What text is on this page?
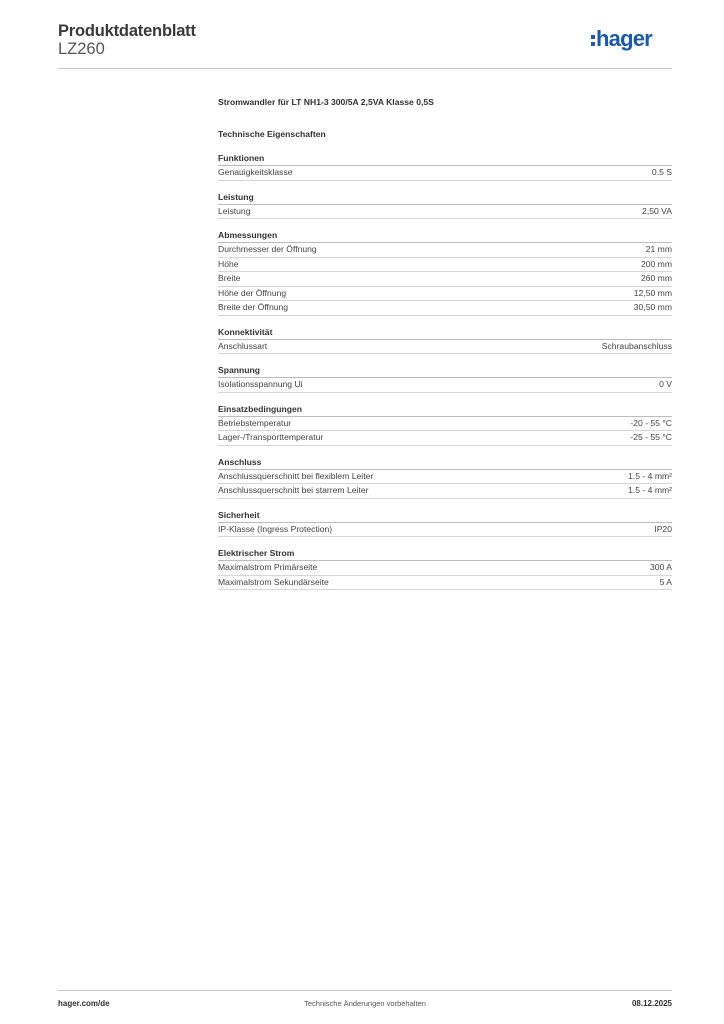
Produktdatenblatt
LZ260	hager
Stromwandler für LT NH1-3 300/5A 2,5VA Klasse 0,5S
Technische Eigenschaften
Funktionen
Genauigkeitsklasse	0.5 S
Leistung
Leistung	2,50 VA
Abmessungen
Durchmesser der Öffnung	21 mm
Höhe	200 mm
Breite	260 mm
Höhe der Öffnung	12,50 mm
Breite der Öffnung	30,50 mm
Konnektivität
Anschlussart	Schraubanschluss
Spannung
Isolationsspannung Ui	0 V
Einsatzbedingungen
Betriebstemperatur	-20 - 55 °C
Lager-/Transporttemperatur	-25 - 55 °C
Anschluss
Anschlussquerschnitt bei flexiblem Leiter	1.5 - 4 mm²
Anschlussquerschnitt bei starrem Leiter	1.5 - 4 mm²
Sicherheit
IP-Klasse (Ingress Protection)	IP20
Elektrischer Strom
Maximalstrom Primärseite	300 A
Maximalstrom Sekundärseite	5 A
hager.com/de	Technische Änderungen vorbehalten	08.12.2025
